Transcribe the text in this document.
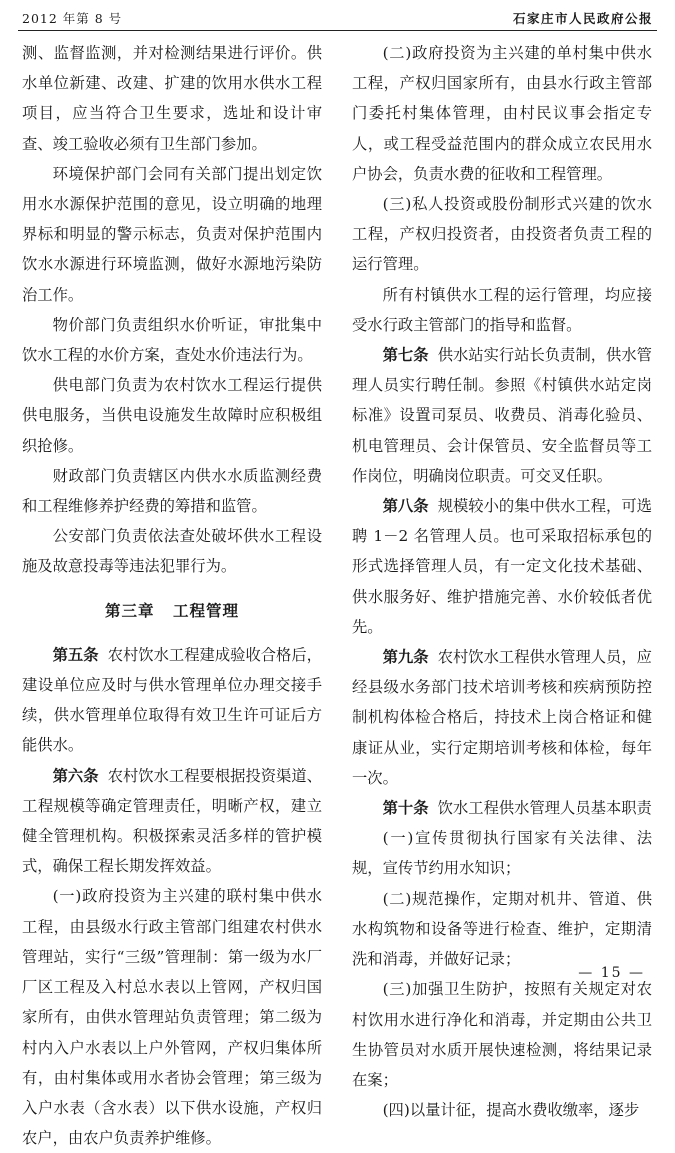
2012 年第 8 号	石家庄市人民政府公报

测、监督监测，并对检测结果进行评价。供水单位新建、改建、扩建的饮用水供水工程项目，应当符合卫生要求，选址和设计审查、竣工验收必须有卫生部门参加。

环境保护部门会同有关部门提出划定饮用水水源保护范围的意见，设立明确的地理界标和明显的警示标志，负责对保护范围内饮水水源进行环境监测，做好水源地污染防治工作。

物价部门负责组织水价听证，审批集中饮水工程的水价方案，查处水价违法行为。

供电部门负责为农村饮水工程运行提供供电服务，当供电设施发生故障时应积极组织抢修。

财政部门负责辖区内供水水质监测经费和工程维修养护经费的筹措和监管。

公安部门负责依法查处破坏供水工程设施及故意投毒等违法犯罪行为。

第三章 工程管理

第五条 农村饮水工程建成验收合格后，建设单位应及时与供水管理单位办理交接手续，供水管理单位取得有效卫生许可证后方能供水。

第六条 农村饮水工程要根据投资渠道、工程规模等确定管理责任，明晰产权，建立健全管理机构。积极探索灵活多样的管护模式，确保工程长期发挥效益。

(一)政府投资为主兴建的联村集中供水工程，由县级水行政主管部门组建农村供水管理站，实行“三级”管理制：第一级为水厂厂区工程及入村总水表以上管网，产权归国家所有，由供水管理站负责管理；第二级为村内入户水表以上户外管网，产权归集体所有，由村集体或用水者协会管理；第三级为入户水表（含水表）以下供水设施，产权归农户，由农户负责养护维修。

(二)政府投资为主兴建的单村集中供水工程，产权归国家所有，由县水行政主管部门委托村集体管理，由村民议事会指定专人，或工程受益范围内的群众成立农民用水户协会，负责水费的征收和工程管理。

(三)私人投资或股份制形式兴建的饮水工程，产权归投资者，由投资者负责工程的运行管理。

所有村镇供水工程的运行管理，均应接受水行政主管部门的指导和监督。

第七条 供水站实行站长负责制，供水管理人员实行聘任制。参照《村镇供水站定岗标准》设置司泵员、收费员、消毒化验员、机电管理员、会计保管员、安全监督员等工作岗位，明确岗位职责。可交叉任职。

第八条 规模较小的集中供水工程，可选聘 1－2 名管理人员。也可采取招标承包的形式选择管理人员，有一定文化技术基础、供水服务好、维护措施完善、水价较低者优先。

第九条 农村饮水工程供水管理人员，应经县级水务部门技术培训考核和疾病预防控制机构体检合格后，持技术上岗合格证和健康证从业，实行定期培训考核和体检，每年一次。

第十条 饮水工程供水管理人员基本职责

(一)宣传贯彻执行国家有关法律、法规，宣传节约用水知识；

(二)规范操作，定期对机井、管道、供水构筑物和设备等进行检查、维护，定期清洗和消毒，并做好记录；

(三)加强卫生防护，按照有关规定对农村饮用水进行净化和消毒，并定期由公共卫生协管员对水质开展快速检测，将结果记录在案；

(四)以量计征，提高水费收缴率，逐步

— 15 —
